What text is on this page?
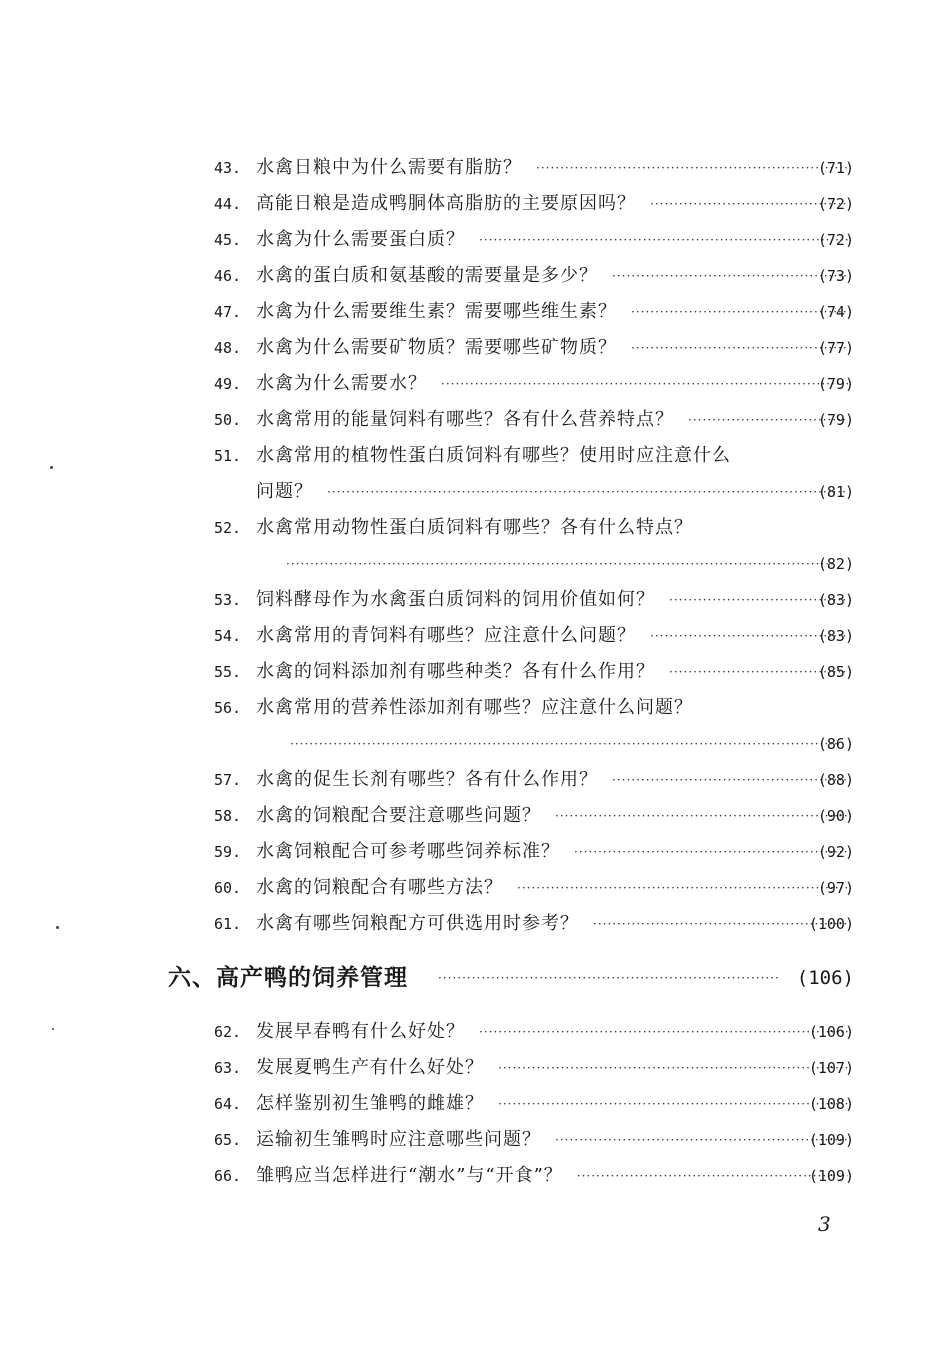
43. 水禽日粮中为什么需要有脂肪？ ·····	(71)
44. 高能日粮是造成鸭胴体高脂肪的主要原因吗？ ·····	(72)
45. 水禽为什么需要蛋白质？ ·····	(72)
46. 水禽的蛋白质和氨基酸的需要量是多少？ ·····	(73)
47. 水禽为什么需要维生素？需要哪些维生素？ ·····	(74)
48. 水禽为什么需要矿物质？需要哪些矿物质？ ·····	(77)
49. 水禽为什么需要水？ ·····	(79)
50. 水禽常用的能量饲料有哪些？各有什么营养特点？ ·····	(79)
51. 水禽常用的植物性蛋白质饲料有哪些？使用时应注意什么
问题？ ·····	(81)
52. 水禽常用动物性蛋白质饲料有哪些？各有什么特点？
·····
(82)
53. 饲料酵母作为水禽蛋白质饲料的饲用价值如何？ ·····	(83)
54. 水禽常用的青饲料有哪些？应注意什么问题？ ·····	(83)
55. 水禽的饲料添加剂有哪些种类？各有什么作用？ ·····	(85)
56. 水禽常用的营养性添加剂有哪些？应注意什么问题？
·····
(86)
57. 水禽的促生长剂有哪些？各有什么作用？ ·····	(88)
58. 水禽的饲粮配合要注意哪些问题？ ·····	(90)
59. 水禽饲粮配合可参考哪些饲养标准？ ·····	(92)
60. 水禽的饲粮配合有哪些方法？ ·····	(97)
61. 水禽有哪些饲粮配方可供选用时参考？ ·····	(100)
六、高产鸭的饲养管理 ·····	(106)
62. 发展早春鸭有什么好处？ ·····	(106)
63. 发展夏鸭生产有什么好处？ ·····	(107)
64. 怎样鉴别初生雏鸭的雌雄？ ·····	(108)
65. 运输初生雏鸭时应注意哪些问题？ ·····	(109)
66. 雏鸭应当怎样进行“潮水”与“开食”？ ·····	(109)
3
